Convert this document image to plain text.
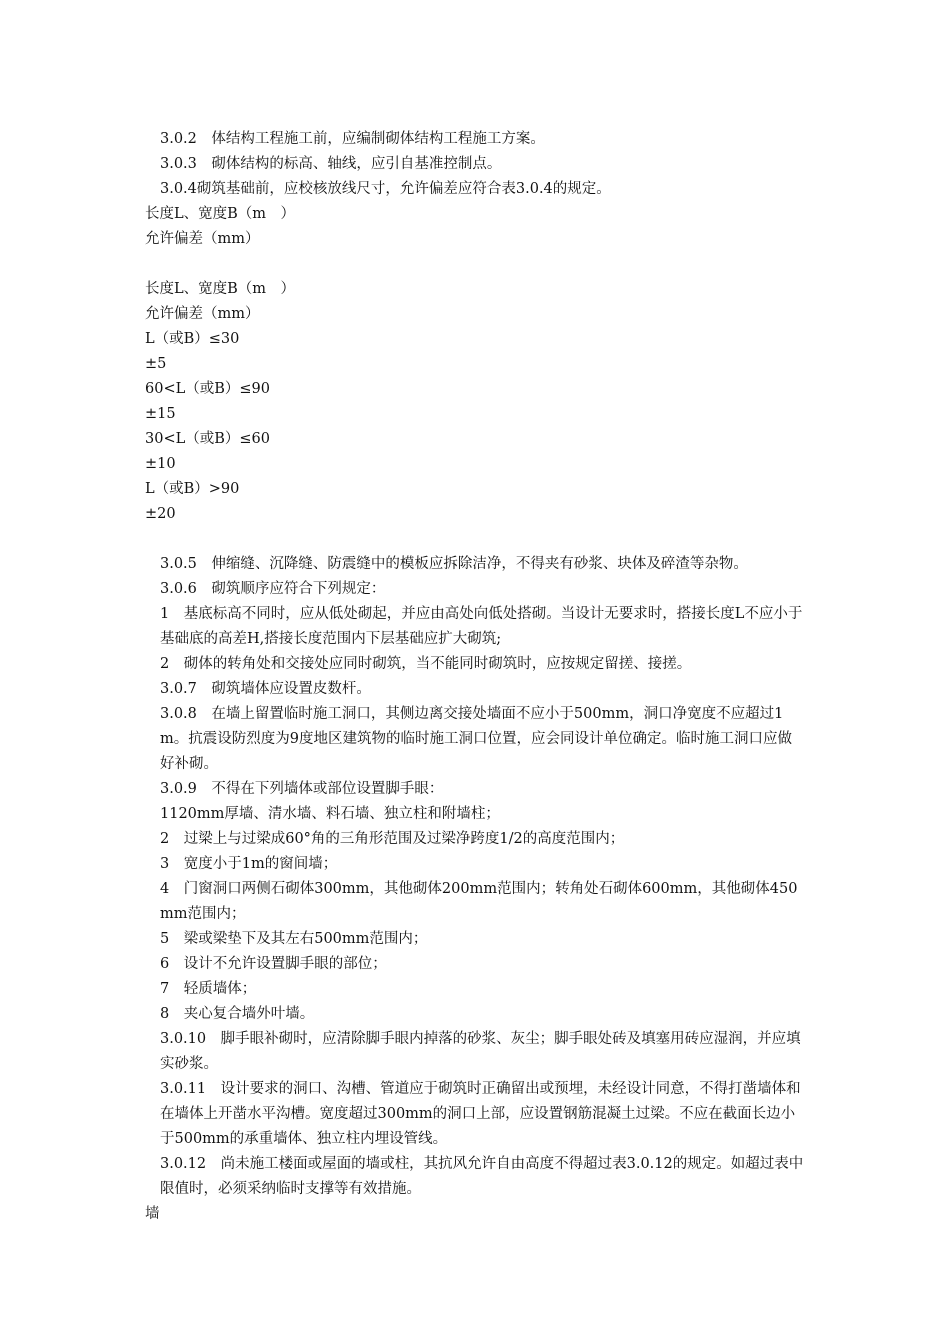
3.0.2　体结构工程施工前，应编制砌体结构工程施工方案。
3.0.3　砌体结构的标高、轴线，应引自基准控制点。
3.0.4砌筑基础前，应校核放线尺寸，允许偏差应符合表3.0.4的规定。
长度L、宽度B（m　）
允许偏差（mm）
长度L、宽度B（m　）
允许偏差（mm）
L（或B）≤30
±5
60<L（或B）≤90
±15
30<L（或B）≤60
±10
L（或B）>90
±20
3.0.5　伸缩缝、沉降缝、防震缝中的模板应拆除洁净，不得夹有砂浆、块体及碎渣等杂物。
3.0.6　砌筑顺序应符合下列规定：
1　基底标高不同时，应从低处砌起，并应由高处向低处搭砌。当设计无要求时，搭接长度L不应小于基础底的高差H,搭接长度范围内下层基础应扩大砌筑;
2　砌体的转角处和交接处应同时砌筑，当不能同时砌筑时，应按规定留搓、接搓。
3.0.7　砌筑墙体应设置皮数杆。
3.0.8　在墙上留置临时施工洞口，其侧边离交接处墙面不应小于500mm，洞口净宽度不应超过1m。抗震设防烈度为9度地区建筑物的临时施工洞口位置，应会同设计单位确定。临时施工洞口应做好补砌。
3.0.9　不得在下列墙体或部位设置脚手眼：
1120mm厚墙、清水墙、料石墙、独立柱和附墙柱；
2　过梁上与过梁成60°角的三角形范围及过梁净跨度1/2的高度范围内；
3　宽度小于1m的窗间墙；
4　门窗洞口两侧石砌体300mm，其他砌体200mm范围内；转角处石砌体600mm，其他砌体450mm范围内；
5　梁或梁垫下及其左右500mm范围内；
6　设计不允许设置脚手眼的部位；
7　轻质墙体；
8　夹心复合墙外叶墙。
3.0.10　脚手眼补砌时，应清除脚手眼内掉落的砂浆、灰尘；脚手眼处砖及填塞用砖应湿润，并应填实砂浆。
3.0.11　设计要求的洞口、沟槽、管道应于砌筑时正确留出或预埋，未经设计同意，不得打凿墙体和在墙体上开凿水平沟槽。宽度超过300mm的洞口上部，应设置钢筋混凝土过梁。不应在截面长边小于500mm的承重墙体、独立柱内埋设管线。
3.0.12　尚未施工楼面或屋面的墙或柱，其抗风允许自由高度不得超过表3.0.12的规定。如超过表中限值时，必须采纳临时支撑等有效措施。
墙
